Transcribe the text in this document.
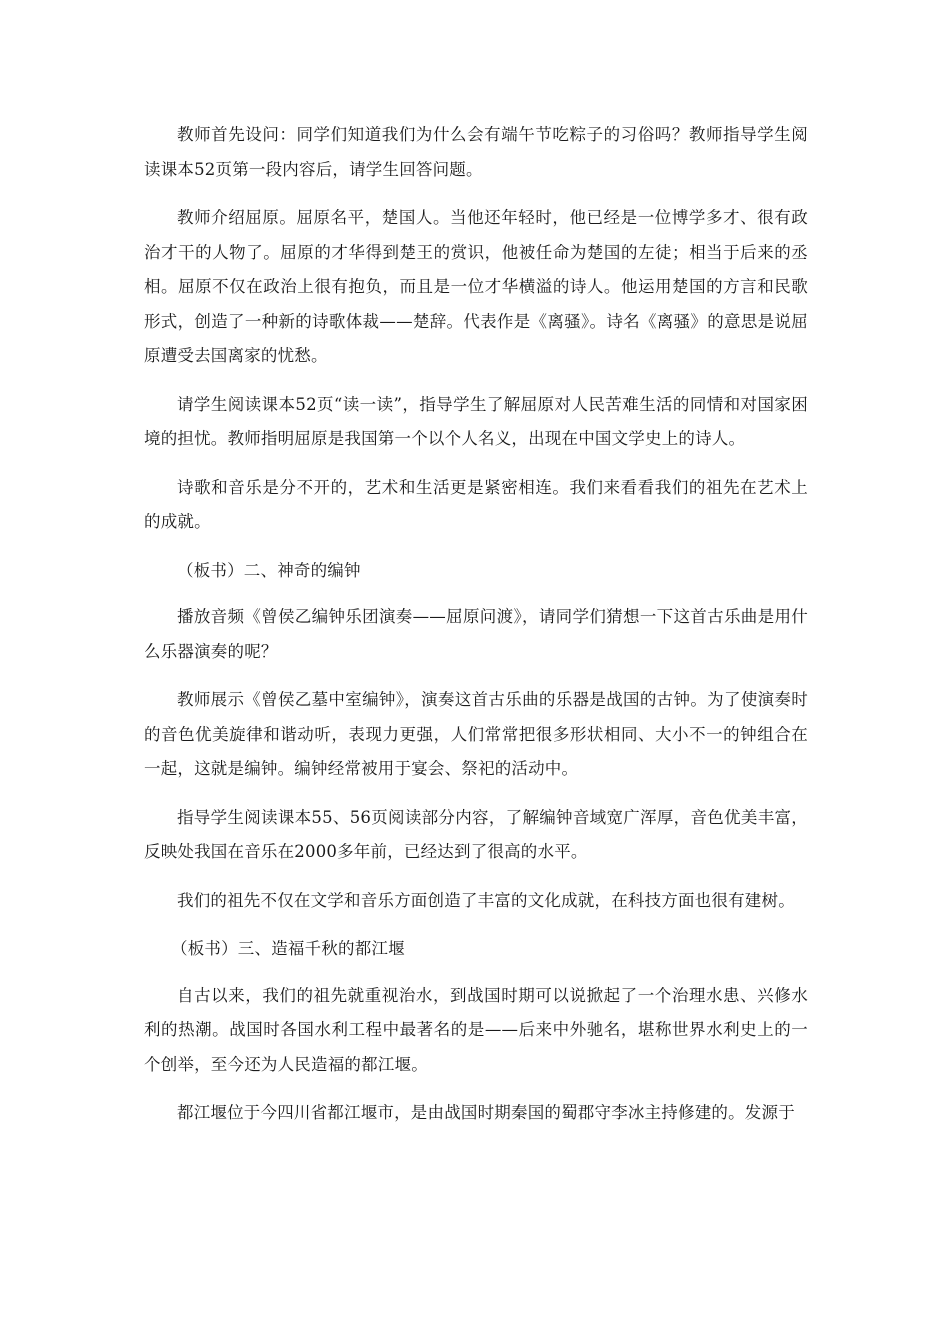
教师首先设问：同学们知道我们为什么会有端午节吃粽子的习俗吗？教师指导学生阅读课本52页第一段内容后，请学生回答问题。

教师介绍屈原。屈原名平，楚国人。当他还年轻时，他已经是一位博学多才、很有政治才干的人物了。屈原的才华得到楚王的赏识，他被任命为楚国的左徒；相当于后来的丞相。屈原不仅在政治上很有抱负，而且是一位才华横溢的诗人。他运用楚国的方言和民歌形式，创造了一种新的诗歌体裁——楚辞。代表作是《离骚》。诗名《离骚》的意思是说屈原遭受去国离家的忧愁。

请学生阅读课本52页“读一读”，指导学生了解屈原对人民苦难生活的同情和对国家困境的担忧。教师指明屈原是我国第一个以个人名义，出现在中国文学史上的诗人。

诗歌和音乐是分不开的，艺术和生活更是紧密相连。我们来看看我们的祖先在艺术上的成就。

（板书）二、神奇的编钟

播放音频《曾侯乙编钟乐团演奏——屈原问渡》，请同学们猜想一下这首古乐曲是用什么乐器演奏的呢？

教师展示《曾侯乙墓中室编钟》，演奏这首古乐曲的乐器是战国的古钟。为了使演奏时的音色优美旋律和谐动听，表现力更强，人们常常把很多形状相同、大小不一的钟组合在一起，这就是编钟。编钟经常被用于宴会、祭祀的活动中。

指导学生阅读课本55、56页阅读部分内容，了解编钟音域宽广浑厚，音色优美丰富，反映处我国在音乐在2000多年前，已经达到了很高的水平。

我们的祖先不仅在文学和音乐方面创造了丰富的文化成就，在科技方面也很有建树。

（板书）三、造福千秋的都江堰

自古以来，我们的祖先就重视治水，到战国时期可以说掀起了一个治理水患、兴修水利的热潮。战国时各国水利工程中最著名的是——后来中外驰名，堪称世界水利史上的一个创举，至今还为人民造福的都江堰。

都江堰位于今四川省都江堰市，是由战国时期秦国的蜀郡守李冰主持修建的。发源于
